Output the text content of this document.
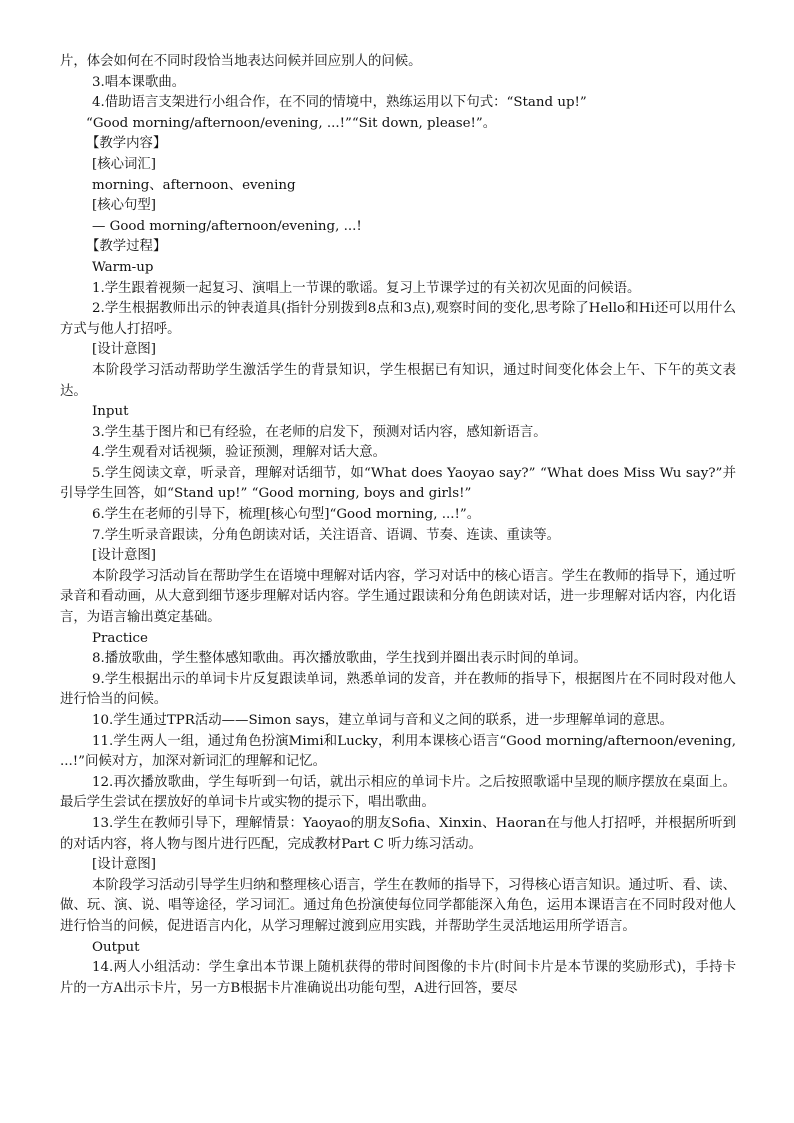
片，体会如何在不同时段恰当地表达问候并回应别人的问候。
3.唱本课歌曲。
4.借助语言支架进行小组合作，在不同的情境中，熟练运用以下句式：“Stand up!”
“Good morning/afternoon/evening, ...!”“Sit down, please!”。
【教学内容】
[核心词汇]
morning、afternoon、evening
[核心句型]
— Good morning/afternoon/evening, ...!
【教学过程】
Warm-up
1.学生跟着视频一起复习、演唱上一节课的歌谣。复习上节课学过的有关初次见面的问候语。
2.学生根据教师出示的钟表道具(指针分别拨到8点和3点),观察时间的变化,思考除了Hello和Hi还可以用什么方式与他人打招呼。
[设计意图]
本阶段学习活动帮助学生激活学生的背景知识，学生根据已有知识，通过时间变化体会上午、下午的英文表达。
Input
3.学生基于图片和已有经验，在老师的启发下，预测对话内容，感知新语言。
4.学生观看对话视频，验证预测，理解对话大意。
5.学生阅读文章，听录音，理解对话细节，如“What does Yaoyao say?” “What does Miss Wu say?”并引导学生回答，如“Stand up!” “Good morning, boys and girls!”
6.学生在老师的引导下，梳理[核心句型]“Good morning, ...!”。
7.学生听录音跟读，分角色朗读对话，关注语音、语调、节奏、连读、重读等。
[设计意图]
本阶段学习活动旨在帮助学生在语境中理解对话内容，学习对话中的核心语言。学生在教师的指导下，通过听录音和看动画，从大意到细节逐步理解对话内容。学生通过跟读和分角色朗读对话，进一步理解对话内容，内化语言，为语言输出奠定基础。
Practice
8.播放歌曲，学生整体感知歌曲。再次播放歌曲，学生找到并圈出表示时间的单词。
9.学生根据出示的单词卡片反复跟读单词，熟悉单词的发音，并在教师的指导下，根据图片在不同时段对他人进行恰当的问候。
10.学生通过TPR活动——Simon says，建立单词与音和义之间的联系，进一步理解单词的意思。
11.学生两人一组，通过角色扮演Mimi和Lucky，利用本课核心语言“Good morning/afternoon/evening, ...!”问候对方，加深对新词汇的理解和记忆。
12.再次播放歌曲，学生每听到一句话，就出示相应的单词卡片。之后按照歌谣中呈现的顺序摆放在桌面上。最后学生尝试在摆放好的单词卡片或实物的提示下，唱出歌曲。
13.学生在教师引导下，理解情景：Yaoyao的朋友Sofia、Xinxin、Haoran在与他人打招呼，并根据所听到的对话内容，将人物与图片进行匹配，完成教材Part C 听力练习活动。
[设计意图]
本阶段学习活动引导学生归纳和整理核心语言，学生在教师的指导下，习得核心语言知识。通过听、看、读、做、玩、演、说、唱等途径，学习词汇。通过角色扮演使每位同学都能深入角色，运用本课语言在不同时段对他人进行恰当的问候，促进语言内化，从学习理解过渡到应用实践，并帮助学生灵活地运用所学语言。
Output
14.两人小组活动：学生拿出本节课上随机获得的带时间图像的卡片(时间卡片是本节课的奖励形式)，手持卡片的一方A出示卡片，另一方B根据卡片准确说出功能句型，A进行回答，要尽
